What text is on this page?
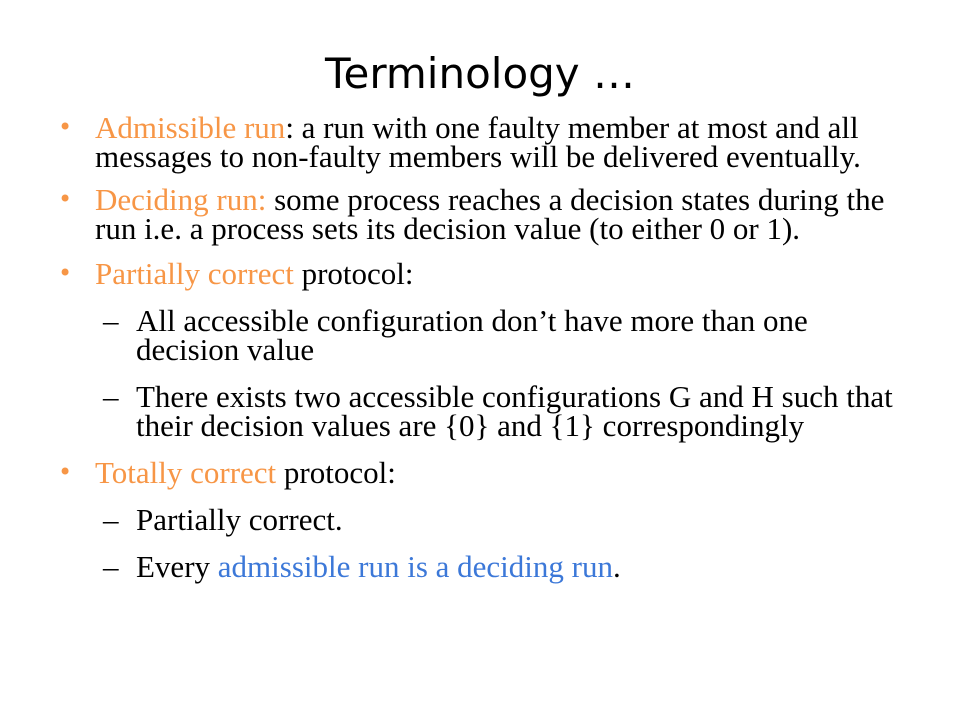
Terminology …
• Admissible run: a run with one faulty member at most and all messages to non-faulty members will be delivered eventually.
• Deciding run: some process reaches a decision states during the run i.e. a process sets its decision value (to either 0 or 1).
• Partially correct protocol:
– All accessible configuration don’t have more than one decision value
– There exists two accessible configurations G and H such that their decision values are {0} and {1} correspondingly
• Totally correct protocol:
– Partially correct.
– Every admissible run is a deciding run.
